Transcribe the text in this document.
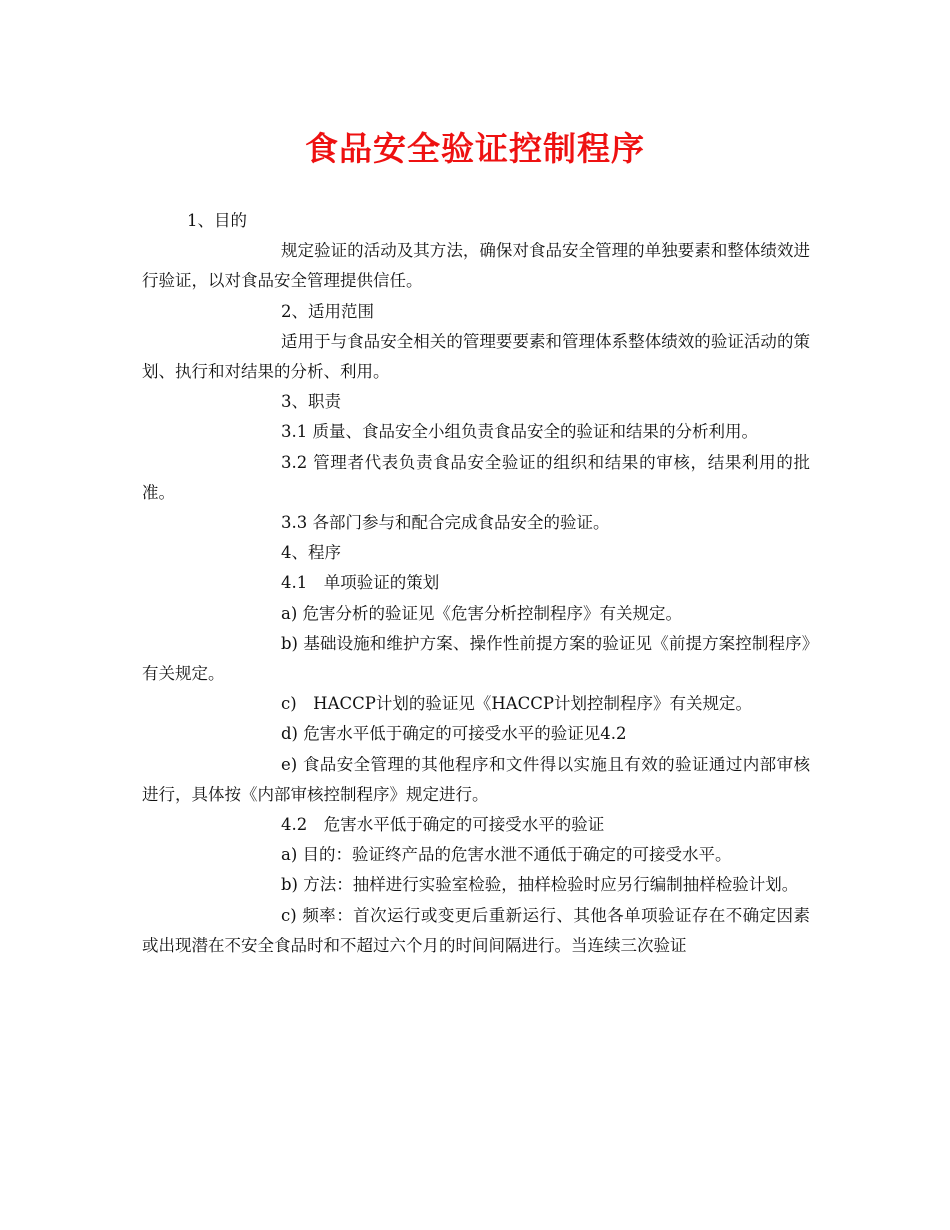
食品安全验证控制程序

1、目的

规定验证的活动及其方法，确保对食品安全管理的单独要素和整体绩效进行验证，以对食品安全管理提供信任。

2、适用范围

适用于与食品安全相关的管理要要素和管理体系整体绩效的验证活动的策划、执行和对结果的分析、利用。

3、职责

3.1 质量、食品安全小组负责食品安全的验证和结果的分析利用。

3.2 管理者代表负责食品安全验证的组织和结果的审核，结果利用的批准。

3.3 各部门参与和配合完成食品安全的验证。

4、程序

4.1　单项验证的策划

a) 危害分析的验证见《危害分析控制程序》有关规定。

b) 基础设施和维护方案、操作性前提方案的验证见《前提方案控制程序》有关规定。

c)　HACCP计划的验证见《HACCP计划控制程序》有关规定。

d) 危害水平低于确定的可接受水平的验证见4.2

e) 食品安全管理的其他程序和文件得以实施且有效的验证通过内部审核进行，具体按《内部审核控制程序》规定进行。

4.2　危害水平低于确定的可接受水平的验证

a) 目的：验证终产品的危害水泄不通低于确定的可接受水平。

b) 方法：抽样进行实验室检验，抽样检验时应另行编制抽样检验计划。

c) 频率：首次运行或变更后重新运行、其他各单项验证存在不确定因素或出现潜在不安全食品时和不超过六个月的时间间隔进行。当连续三次验证
